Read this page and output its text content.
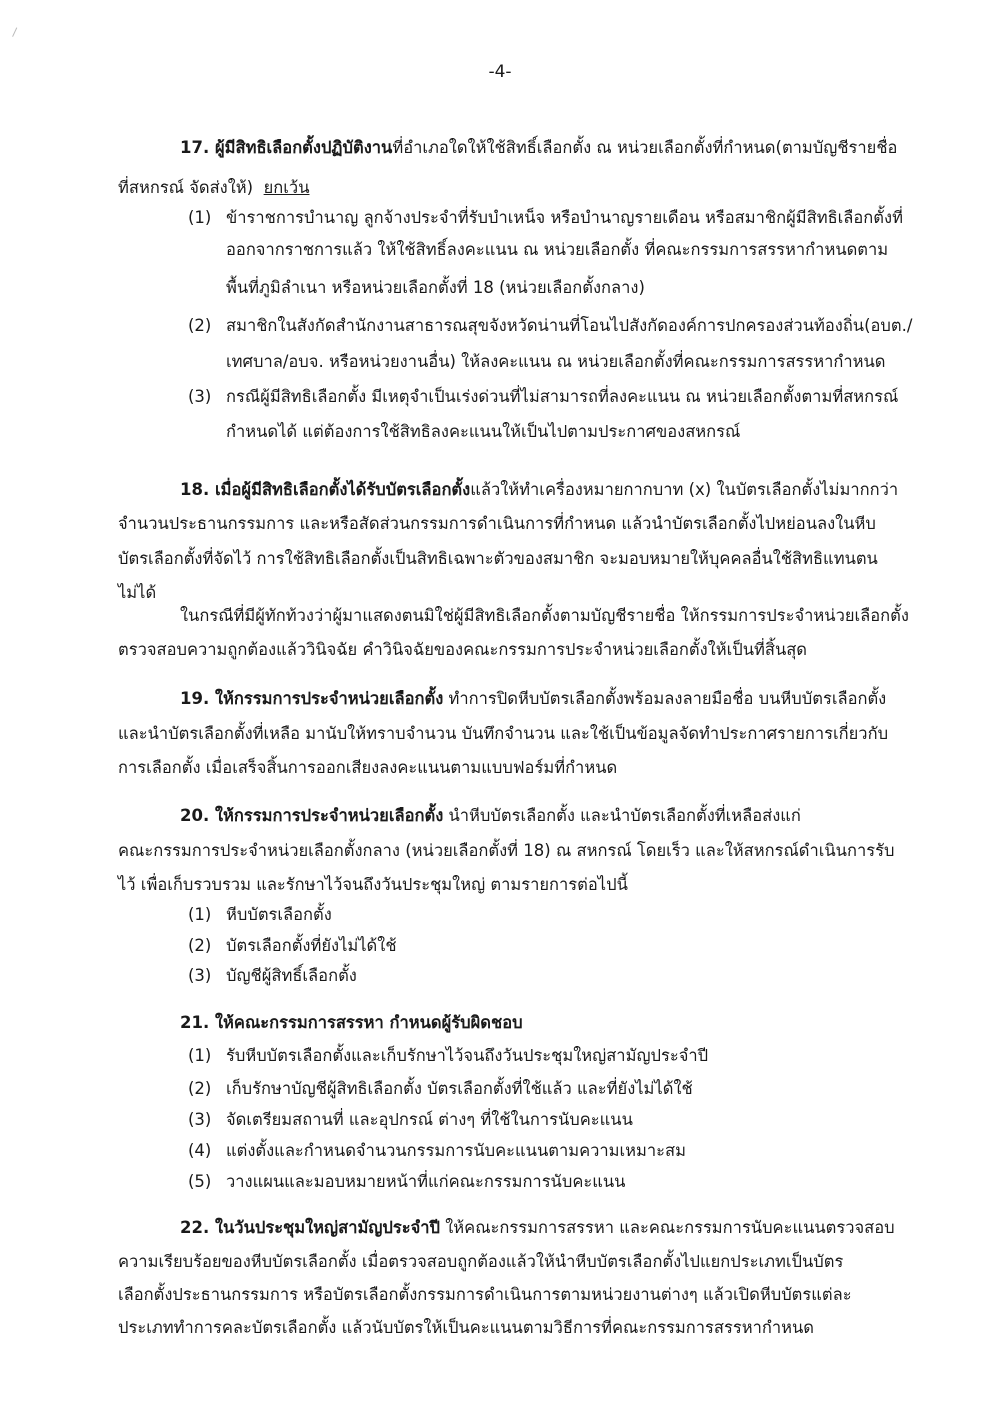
-4-
17. ผู้มีสิทธิเลือกตั้งปฏิบัติงานที่อำเภอใดให้ใช้สิทธิ์เลือกตั้ง ณ หน่วยเลือกตั้งที่กำหนด(ตามบัญชีรายชื่อ
ที่สหกรณ์ จัดส่งให้) ยกเว้น
(1) ข้าราชการบำนาญ ลูกจ้างประจำที่รับบำเหน็จ หรือบำนาญรายเดือน หรือสมาชิกผู้มีสิทธิเลือกตั้งที่
ออกจากราชการแล้ว ให้ใช้สิทธิ์ลงคะแนน ณ หน่วยเลือกตั้ง ที่คณะกรรมการสรรหากำหนดตาม
พื้นที่ภูมิลำเนา หรือหน่วยเลือกตั้งที่ 18 (หน่วยเลือกตั้งกลาง)
(2) สมาชิกในสังกัดสำนักงานสาธารณสุขจังหวัดน่านที่โอนไปสังกัดองค์การปกครองส่วนท้องถิ่น(อบต./
เทศบาล/อบจ. หรือหน่วยงานอื่น) ให้ลงคะแนน ณ หน่วยเลือกตั้งที่คณะกรรมการสรรหากำหนด
(3) กรณีผู้มีสิทธิเลือกตั้ง มีเหตุจำเป็นเร่งด่วนที่ไม่สามารถที่ลงคะแนน ณ หน่วยเลือกตั้งตามที่สหกรณ์
กำหนดได้ แต่ต้องการใช้สิทธิลงคะแนนให้เป็นไปตามประกาศของสหกรณ์
18. เมื่อผู้มีสิทธิเลือกตั้งได้รับบัตรเลือกตั้งแล้วให้ทำเครื่องหมายกากบาท (x) ในบัตรเลือกตั้งไม่มากกว่า
จำนวนประธานกรรมการ และหรือสัดส่วนกรรมการดำเนินการที่กำหนด แล้วนำบัตรเลือกตั้งไปหย่อนลงในหีบ
บัตรเลือกตั้งที่จัดไว้ การใช้สิทธิเลือกตั้งเป็นสิทธิเฉพาะตัวของสมาชิก จะมอบหมายให้บุคคลอื่นใช้สิทธิแทนตน
ไม่ได้
ในกรณีที่มีผู้ทักท้วงว่าผู้มาแสดงตนมิใช่ผู้มีสิทธิเลือกตั้งตามบัญชีรายชื่อ ให้กรรมการประจำหน่วยเลือกตั้ง
ตรวจสอบความถูกต้องแล้ววินิจฉัย คำวินิจฉัยของคณะกรรมการประจำหน่วยเลือกตั้งให้เป็นที่สิ้นสุด
19. ให้กรรมการประจำหน่วยเลือกตั้ง ทำการปิดหีบบัตรเลือกตั้งพร้อมลงลายมือชื่อ บนหีบบัตรเลือกตั้ง
และนำบัตรเลือกตั้งที่เหลือ มานับให้ทราบจำนวน บันทึกจำนวน และใช้เป็นข้อมูลจัดทำประกาศรายการเกี่ยวกับ
การเลือกตั้ง เมื่อเสร็จสิ้นการออกเสียงลงคะแนนตามแบบฟอร์มที่กำหนด
20. ให้กรรมการประจำหน่วยเลือกตั้ง นำหีบบัตรเลือกตั้ง และนำบัตรเลือกตั้งที่เหลือส่งแก่
คณะกรรมการประจำหน่วยเลือกตั้งกลาง (หน่วยเลือกตั้งที่ 18) ณ สหกรณ์ โดยเร็ว และให้สหกรณ์ดำเนินการรับ
ไว้ เพื่อเก็บรวบรวม และรักษาไว้จนถึงวันประชุมใหญ่ ตามรายการต่อไปนี้
(1) หีบบัตรเลือกตั้ง
(2) บัตรเลือกตั้งที่ยังไม่ได้ใช้
(3) บัญชีผู้สิทธิ์เลือกตั้ง
21. ให้คณะกรรมการสรรหา กำหนดผู้รับผิดชอบ
(1) รับหีบบัตรเลือกตั้งและเก็บรักษาไว้จนถึงวันประชุมใหญ่สามัญประจำปี
(2) เก็บรักษาบัญชีผู้สิทธิเลือกตั้ง บัตรเลือกตั้งที่ใช้แล้ว และที่ยังไม่ได้ใช้
(3) จัดเตรียมสถานที่ และอุปกรณ์ ต่างๆ ที่ใช้ในการนับคะแนน
(4) แต่งตั้งและกำหนดจำนวนกรรมการนับคะแนนตามความเหมาะสม
(5) วางแผนและมอบหมายหน้าที่แก่คณะกรรมการนับคะแนน
22. ในวันประชุมใหญ่สามัญประจำปี ให้คณะกรรมการสรรหา และคณะกรรมการนับคะแนนตรวจสอบ
ความเรียบร้อยของหีบบัตรเลือกตั้ง เมื่อตรวจสอบถูกต้องแล้วให้นำหีบบัตรเลือกตั้งไปแยกประเภทเป็นบัตร
เลือกตั้งประธานกรรมการ หรือบัตรเลือกตั้งกรรมการดำเนินการตามหน่วยงานต่างๆ แล้วเปิดหีบบัตรแต่ละ
ประเภททำการคละบัตรเลือกตั้ง แล้วนับบัตรให้เป็นคะแนนตามวิธีการที่คณะกรรมการสรรหากำหนด
